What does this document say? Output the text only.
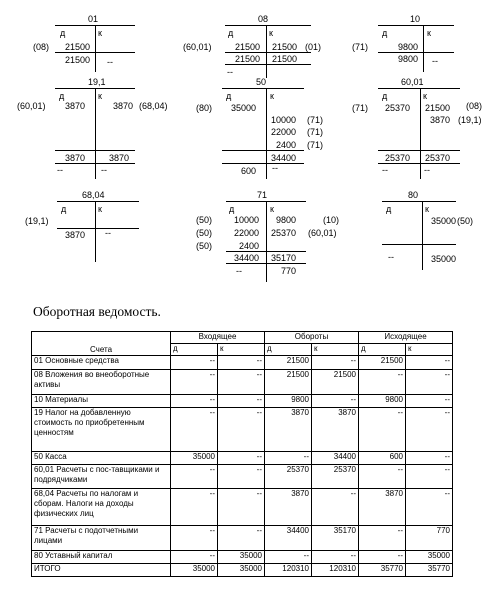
01
д	к
(08)	21500
21500 --
08
д	к
(60,01)	21500	21500 (01)
21500	21500
--
10
д	к
(71)	9800
9800 --
19,1
д	к
(60,01)	3870	3870 (68,04)
3870	3870
--	--
50
д	к
(80)	35000
10000 (71)
22000 (71)
2400 (71)
34400
600 --
60,01
д	к
(71)	25370	21500 (08)
3870 (19,1)
25370	25370
--	--
68,04
д	к
(19,1)
3870 --
71
д	к
(50)	10000	9800	(10)
(50)	22000	25370 (60,01)
(50)	2400
34400	35170
--	770
80
д	к
35000 (50)
--	35000
Оборотная ведомость.
Счета	Входящее		Обороты		Исходящее	
	д	к	д	к	д	к
01 Основные средства	--	--	21500	--	21500	--
08 Вложения во внеоборотные активы	--	--	21500	21500	--	--
10 Материалы	--	--	9800	--	9800	--
19 Налог на добавленную стоимость по приобретенным ценностям	--	--	3870	3870	--	--
50 Касса	35000	--	--	34400	600	--
60,01 Расчеты с пос-тавщиками и подрядчиками	--	--	25370	25370	--	--
68,04 Расчеты по налогам и сборам. Налоги на доходы физических лиц	--	--	3870	--	3870	--
71 Расчеты с подотчетными лицами	--	--	34400	35170	--	770
80 Уставный капитал	--	35000	--	--	--	35000
ИТОГО	35000	35000	120310	120310	35770	35770
